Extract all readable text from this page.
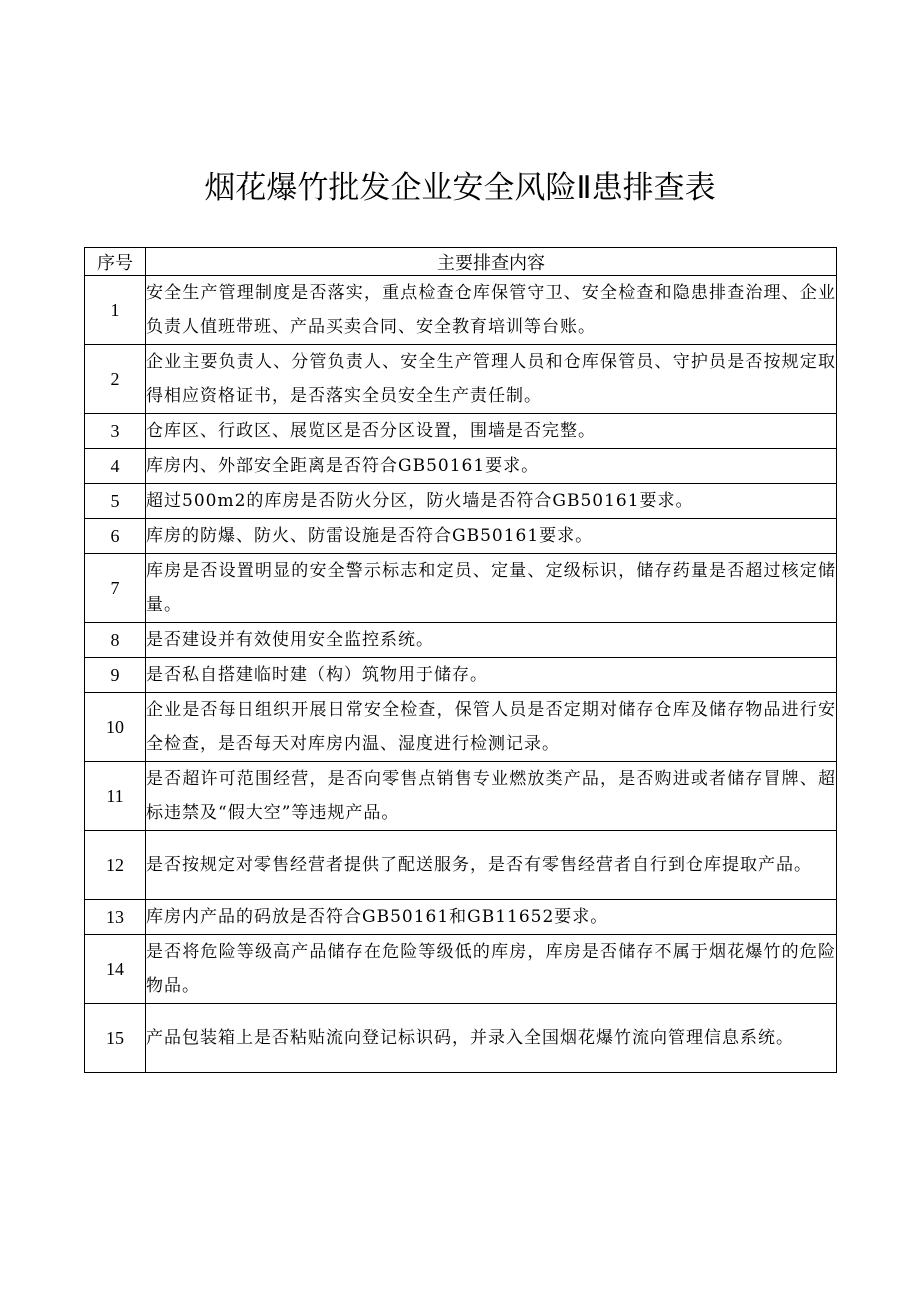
烟花爆竹批发企业安全风险Ⅱ患排查表
序号	主要排查内容
1	安全生产管理制度是否落实，重点检查仓库保管守卫、安全检查和隐患排查治理、企业负责人值班带班、产品买卖合同、安全教育培训等台账。
2	企业主要负责人、分管负责人、安全生产管理人员和仓库保管员、守护员是否按规定取得相应资格证书，是否落实全员安全生产责任制。
3	仓库区、行政区、展览区是否分区设置，围墙是否完整。
4	库房内、外部安全距离是否符合GB50161要求。
5	超过500m2的库房是否防火分区，防火墙是否符合GB50161要求。
6	库房的防爆、防火、防雷设施是否符合GB50161要求。
7	库房是否设置明显的安全警示标志和定员、定量、定级标识，储存药量是否超过核定储量。
8	是否建设并有效使用安全监控系统。
9	是否私自搭建临时建（构）筑物用于储存。
10	企业是否每日组织开展日常安全检查，保管人员是否定期对储存仓库及储存物品进行安全检查，是否每天对库房内温、湿度进行检测记录。
11	是否超许可范围经营，是否向零售点销售专业燃放类产品，是否购进或者储存冒牌、超标违禁及“假大空”等违规产品。
12	是否按规定对零售经营者提供了配送服务，是否有零售经营者自行到仓库提取产品。
13	库房内产品的码放是否符合GB50161和GB11652要求。
14	是否将危险等级高产品储存在危险等级低的库房，库房是否储存不属于烟花爆竹的危险物品。
15	产品包装箱上是否粘贴流向登记标识码，并录入全国烟花爆竹流向管理信息系统。
